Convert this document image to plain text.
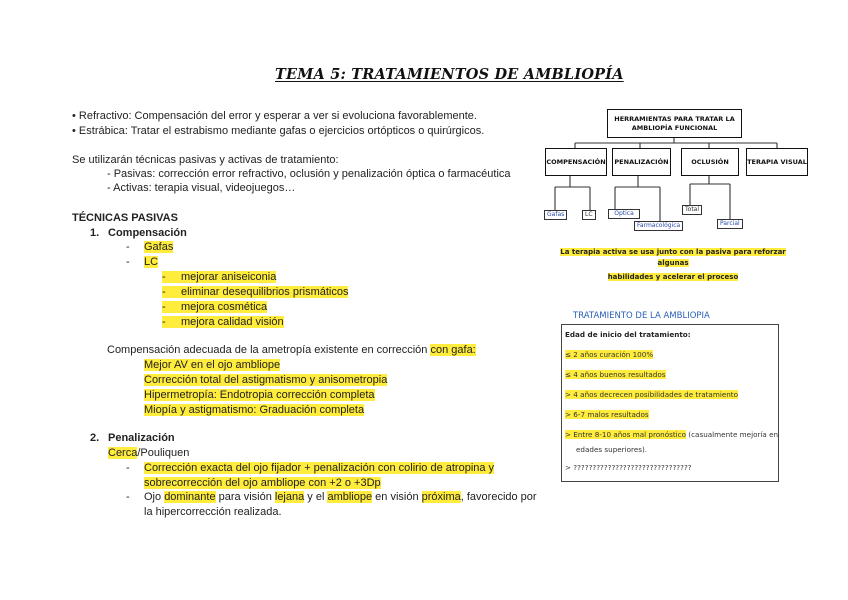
TEMA 5: TRATAMIENTOS DE AMBLIOPÍA
• Refractivo: Compensación del error y esperar a ver si evoluciona favorablemente.
• Estrábica: Tratar el estrabismo mediante gafas o ejercicios ortópticos o quirúrgicos.
Se utilizarán técnicas pasivas y activas de tratamiento:
- Pasivas: corrección error refractivo, oclusión y penalización óptica o farmacéutica
- Activas: terapia visual, videojuegos…
TÉCNICAS PASIVAS
1. Compensación
- Gafas
- LC
-     mejorar aniseiconia
-     eliminar desequilibrios prismáticos
-     mejora cosmética
-     mejora calidad visión
Compensación adecuada de la ametropía existente en corrección con gafa:
Mejor AV en el ojo ambliope
Corrección total del astigmatismo y anisometropia
Hipermetropía: Endotropia corrección completa
Miopía y astigmatismo: Graduación completa
2. Penalización
Cerca/Pouliquen
- Corrección exacta del ojo fijador + penalización con colirio de atropina y
sobrecorrección del ojo ambliope con +2 o +3Dp
- Ojo dominante para visión lejana y el ambliope en visión próxima, favorecido por
la hipercorrección realizada.
HERRAMIENTAS PARA TRATAR LA
AMBLIOPÍA FUNCIONAL
COMPENSACIÓN PENALIZACIÓN	OCLUSIÓN	TERAPIA VISUAL
Gafas	LC	Óptica
Farmacológica
Total
Parcial
La terapia activa se usa junto con la pasiva para reforzar algunas
habilidades y acelerar el proceso
TRATAMIENTO DE LA AMBLIOPIA
Edad de inicio del tratamiento:
≤ 2 años curación 100%
≤ 4 años buenos resultados
> 4 años decrecen posibilidades de tratamiento
> 6-7 malos resultados
> Entre 8-10 años mal pronóstico (casualmente mejoría en
edades superiores).
> ???????????????????????????????
